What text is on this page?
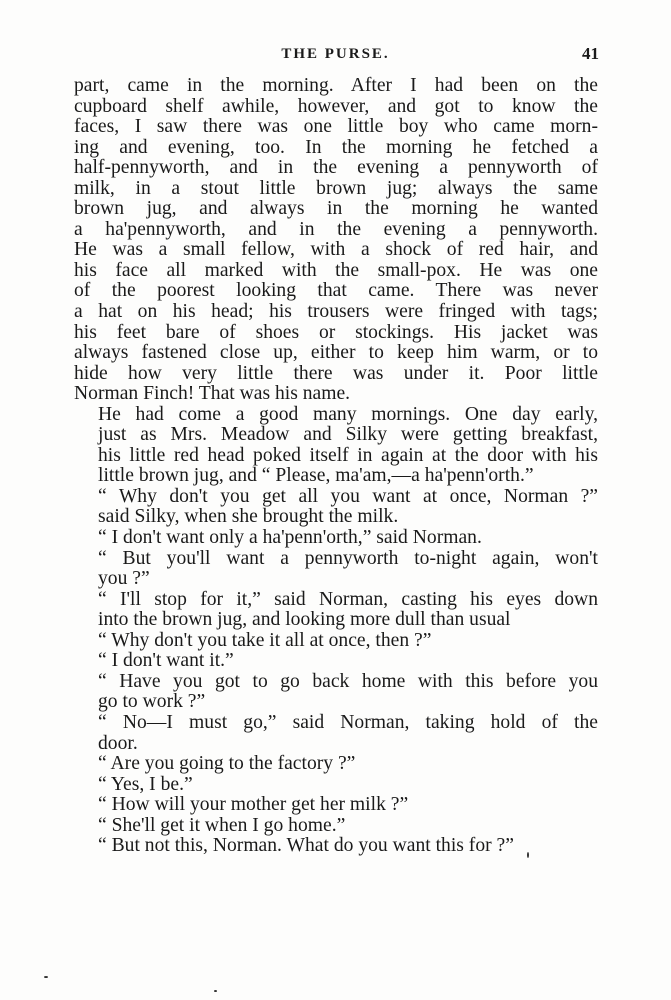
THE PURSE.	41
part, came in the morning. After I had been on the
cupboard shelf awhile, however, and got to know the
faces, I saw there was one little boy who came morn-
ing and evening, too. In the morning he fetched a
half-pennyworth, and in the evening a pennyworth of
milk, in a stout little brown jug; always the same
brown jug, and always in the morning he wanted
a ha'pennyworth, and in the evening a pennyworth.
He was a small fellow, with a shock of red hair, and
his face all marked with the small-pox. He was one
of the poorest looking that came. There was never
a hat on his head; his trousers were fringed with tags;
his feet bare of shoes or stockings. His jacket was
always fastened close up, either to keep him warm, or to
hide how very little there was under it. Poor little
Norman Finch! That was his name.
He had come a good many mornings. One day early,
just as Mrs. Meadow and Silky were getting breakfast,
his little red head poked itself in again at the door with his
little brown jug, and “ Please, ma'am,—a ha'penn'orth.”
“ Why don't you get all you want at once, Norman ?”
said Silky, when she brought the milk.
“ I don't want only a ha'penn'orth,” said Norman.
“ But you'll want a pennyworth to-night again, won't
you ?”
“ I'll stop for it,” said Norman, casting his eyes down
into the brown jug, and looking more dull than usual
“ Why don't you take it all at once, then ?”
“ I don't want it.”
“ Have you got to go back home with this before you
go to work ?”
“ No—I must go,” said Norman, taking hold of the
door.
“ Are you going to the factory ?”
“ Yes, I be.”
“ How will your mother get her milk ?”
“ She'll get it when I go home.”
“ But not this, Norman. What do you want this for ?”
